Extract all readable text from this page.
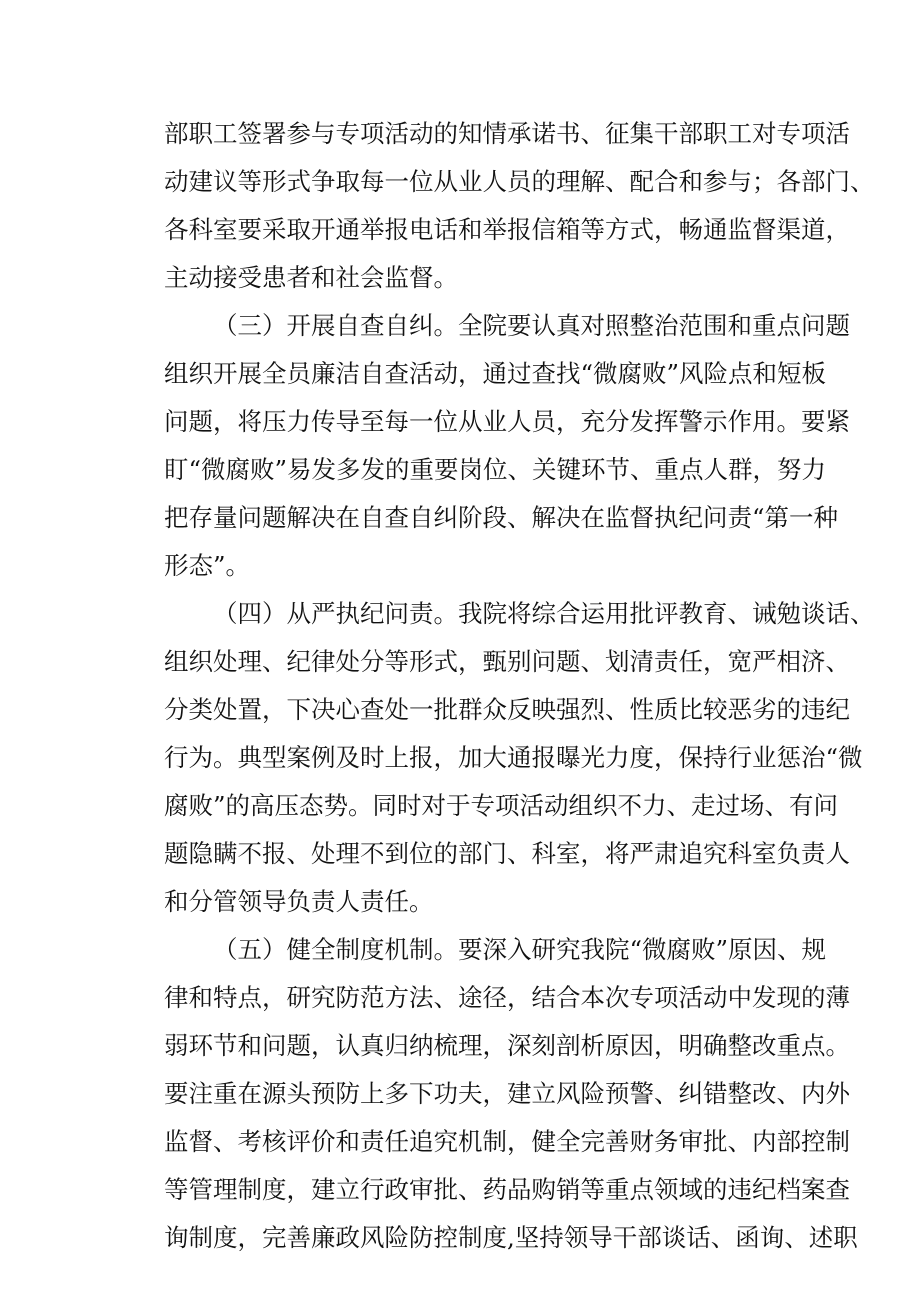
部职工签署参与专项活动的知情承诺书、征集干部职工对专项活
动建议等形式争取每一位从业人员的理解、配合和参与；各部门、
各科室要采取开通举报电话和举报信箱等方式，畅通监督渠道，
主动接受患者和社会监督。
（三）开展自查自纠。全院要认真对照整治范围和重点问题
组织开展全员廉洁自查活动，通过查找“微腐败”风险点和短板
问题，将压力传导至每一位从业人员，充分发挥警示作用。要紧
盯“微腐败”易发多发的重要岗位、关键环节、重点人群，努力
把存量问题解决在自查自纠阶段、解决在监督执纪问责“第一种
形态”。
（四）从严执纪问责。我院将综合运用批评教育、诫勉谈话、
组织处理、纪律处分等形式，甄别问题、划清责任，宽严相济、
分类处置，下决心查处一批群众反映强烈、性质比较恶劣的违纪
行为。典型案例及时上报，加大通报曝光力度，保持行业惩治“微
腐败”的高压态势。同时对于专项活动组织不力、走过场、有问
题隐瞒不报、处理不到位的部门、科室，将严肃追究科室负责人
和分管领导负责人责任。
（五）健全制度机制。要深入研究我院“微腐败”原因、规
律和特点，研究防范方法、途径，结合本次专项活动中发现的薄
弱环节和问题，认真归纳梳理，深刻剖析原因，明确整改重点。
要注重在源头预防上多下功夫，建立风险预警、纠错整改、内外
监督、考核评价和责任追究机制，健全完善财务审批、内部控制
等管理制度，建立行政审批、药品购销等重点领域的违纪档案查
询制度，完善廉政风险防控制度,坚持领导干部谈话、函询、述职
